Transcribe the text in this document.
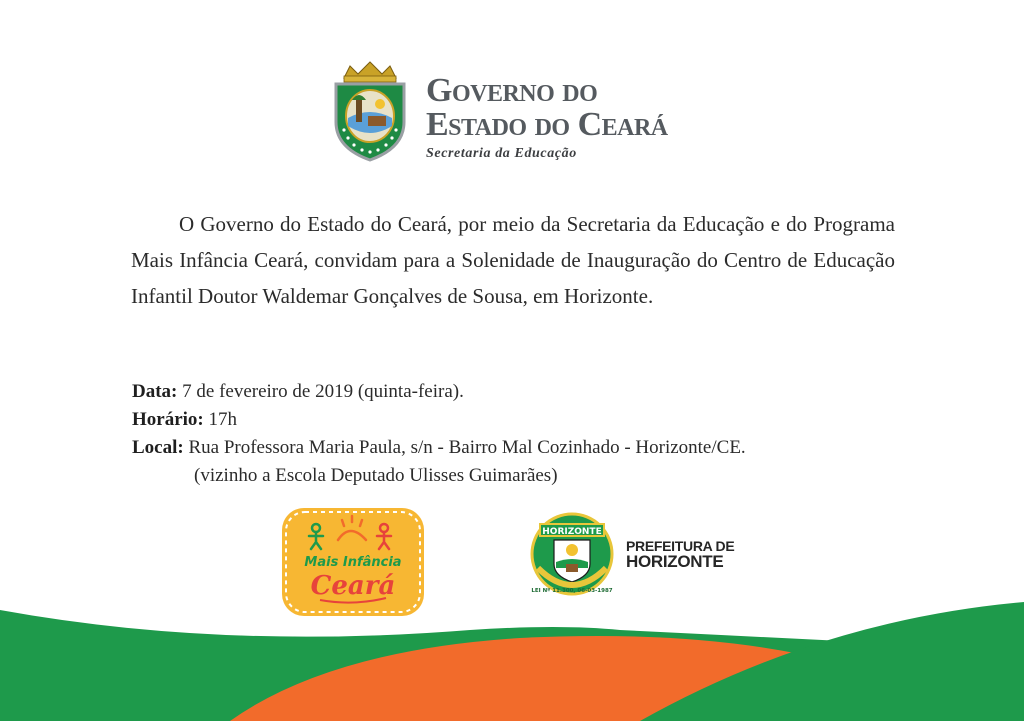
Governo do
Estado do Ceará
Secretaria da Educação

O Governo do Estado do Ceará, por meio da Secretaria da Educação e do Programa Mais Infância Ceará, convidam para a Solenidade de Inauguração do Centro de Educação Infantil Doutor Waldemar Gonçalves de Sousa, em Horizonte.

Data: 7 de fevereiro de 2019 (quinta-feira).
Horário: 17h
Local: Rua Professora Maria Paula, s/n - Bairro Mal Cozinhado - Horizonte/CE.
(vizinho a Escola Deputado Ulisses Guimarães)
Mais Infância
Ceará
HORIZONTE
LEI Nº 11.300, 06-03-1987
PREFEITURA DE
HORIZONTE
